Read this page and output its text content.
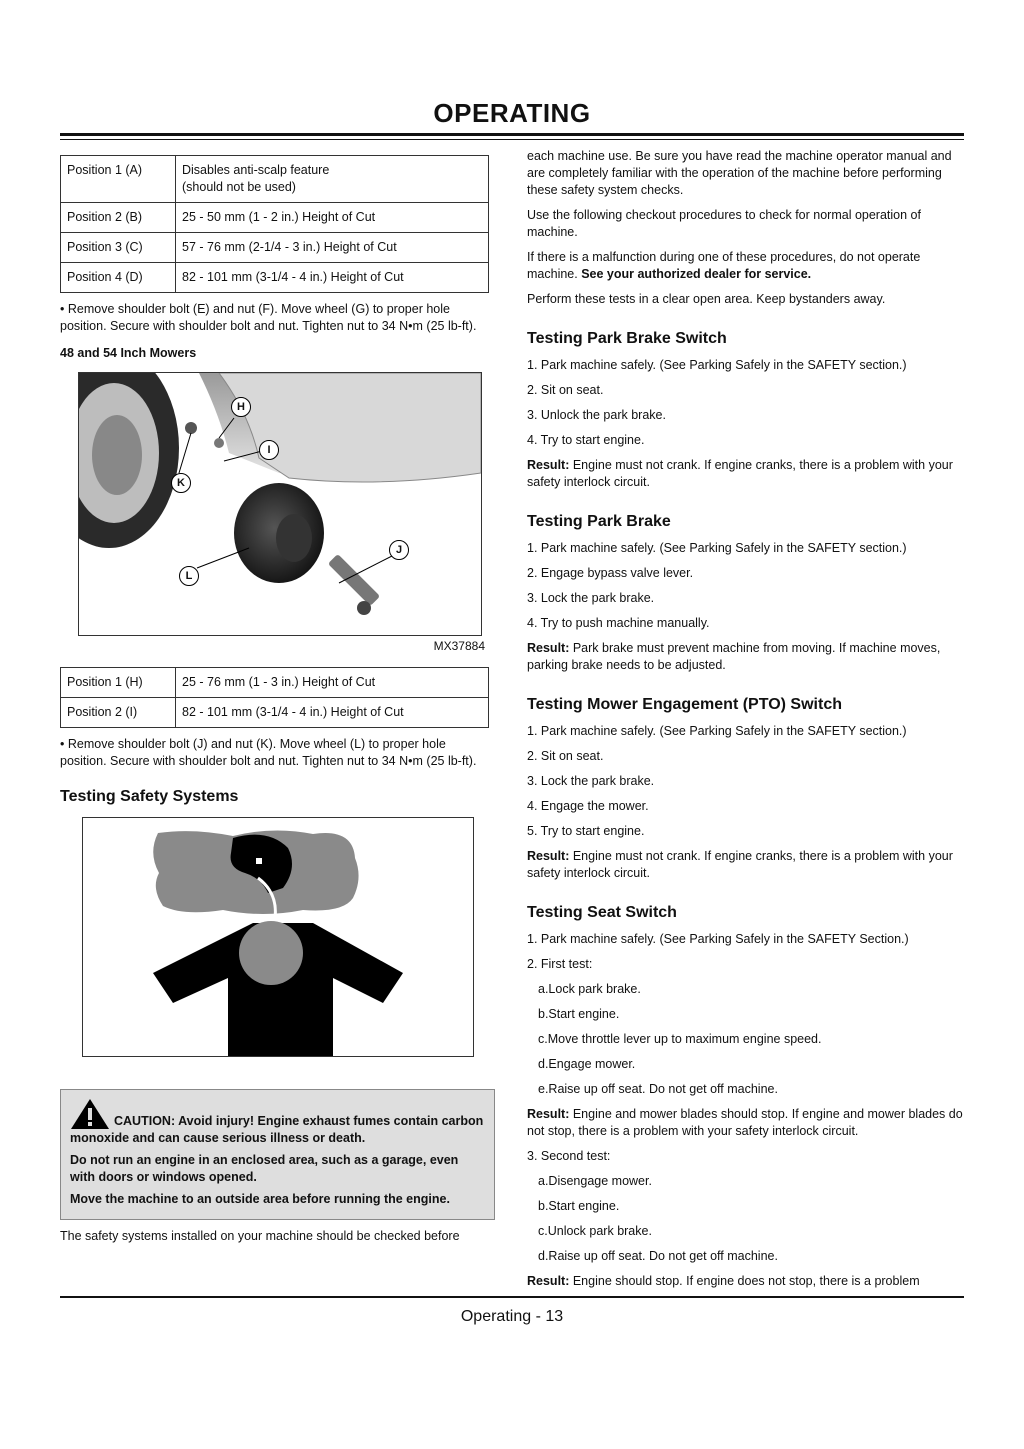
OPERATING
Position 1 (A)	Disables anti-scalp feature
(should not be used)
Position 2 (B)	25 - 50 mm (1 - 2 in.) Height of Cut
Position 3 (C)	57 - 76 mm (2-1/4 - 3 in.) Height of Cut
Position 4 (D)	82 - 101 mm (3-1/4 - 4 in.) Height of Cut

• Remove shoulder bolt (E) and nut (F). Move wheel (G) to proper hole position. Secure with shoulder bolt and nut. Tighten nut to 34 N•m (25 lb-ft).

48 and 54 Inch Mowers
H
I
K
J
L
MX37884
Position 1 (H)	25 - 76 mm (1 - 3 in.) Height of Cut
Position 2 (I)	82 - 101 mm (3-1/4 - 4 in.) Height of Cut

• Remove shoulder bolt (J) and nut (K). Move wheel (L) to proper hole position. Secure with shoulder bolt and nut. Tighten nut to 34 N•m (25 lb-ft).

Testing Safety Systems

CAUTION: Avoid injury! Engine exhaust fumes contain carbon monoxide and can cause serious illness or death.

Do not run an engine in an enclosed area, such as a garage, even with doors or windows opened.

Move the machine to an outside area before running the engine.

The safety systems installed on your machine should be checked before

each machine use. Be sure you have read the machine operator manual and are completely familiar with the operation of the machine before performing these safety system checks.

Use the following checkout procedures to check for normal operation of machine.

If there is a malfunction during one of these procedures, do not operate machine. See your authorized dealer for service.

Perform these tests in a clear open area. Keep bystanders away.

Testing Park Brake Switch

1. Park machine safely. (See Parking Safely in the SAFETY section.)

2. Sit on seat.

3. Unlock the park brake.

4. Try to start engine.

Result: Engine must not crank. If engine cranks, there is a problem with your safety interlock circuit.

Testing Park Brake

1. Park machine safely. (See Parking Safely in the SAFETY section.)

2. Engage bypass valve lever.

3. Lock the park brake.

4. Try to push machine manually.

Result: Park brake must prevent machine from moving. If machine moves, parking brake needs to be adjusted.

Testing Mower Engagement (PTO) Switch

1. Park machine safely. (See Parking Safely in the SAFETY section.)

2. Sit on seat.

3. Lock the park brake.

4. Engage the mower.

5. Try to start engine.

Result: Engine must not crank. If engine cranks, there is a problem with your safety interlock circuit.

Testing Seat Switch

1. Park machine safely. (See Parking Safely in the SAFETY Section.)

2. First test:

a.Lock park brake.

b.Start engine.

c.Move throttle lever up to maximum engine speed.

d.Engage mower.

e.Raise up off seat. Do not get off machine.

Result: Engine and mower blades should stop. If engine and mower blades do not stop, there is a problem with your safety interlock circuit.

3. Second test:

a.Disengage mower.

b.Start engine.

c.Unlock park brake.

d.Raise up off seat. Do not get off machine.

Result: Engine should stop. If engine does not stop, there is a problem

Operating - 13
